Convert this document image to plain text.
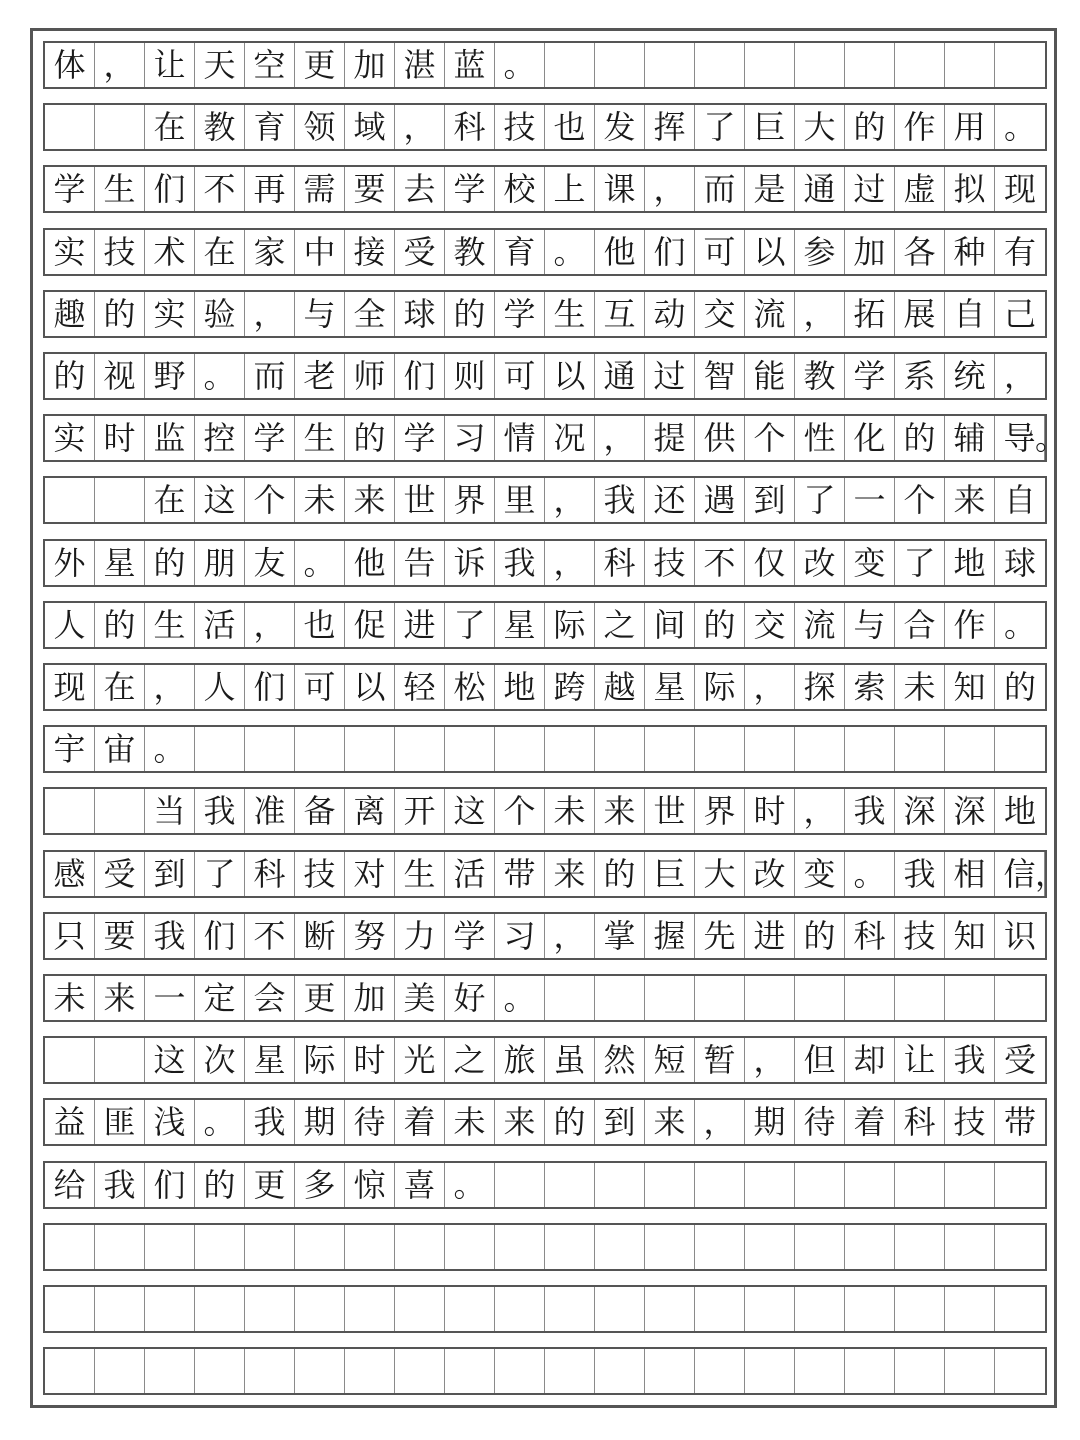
体 ， 让 天 空 更 加 湛 蓝 。
在 教 育 领 域 ， 科 技 也 发 挥 了 巨 大 的 作 用 。
学 生 们 不 再 需 要 去 学 校 上 课 ， 而 是 通 过 虚 拟 现
实 技 术 在 家 中 接 受 教 育 。 他 们 可 以 参 加 各 种 有
趣 的 实 验 ， 与 全 球 的 学 生 互 动 交 流 ， 拓 展 自 己
的 视 野 。 而 老 师 们 则 可 以 通 过 智 能 教 学 系 统 ，
实 时 监 控 学 生 的 学 习 情 况 ， 提 供 个 性 化 的 辅 导 。
在 这 个 未 来 世 界 里 ， 我 还 遇 到 了 一 个 来 自
外 星 的 朋 友 。 他 告 诉 我 ， 科 技 不 仅 改 变 了 地 球
人 的 生 活 ， 也 促 进 了 星 际 之 间 的 交 流 与 合 作 。
现 在 ， 人 们 可 以 轻 松 地 跨 越 星 际 ， 探 索 未 知 的
宇 宙 。
当 我 准 备 离 开 这 个 未 来 世 界 时 ， 我 深 深 地
感 受 到 了 科 技 对 生 活 带 来 的 巨 大 改 变 。 我 相 信 ，
只 要 我 们 不 断 努 力 学 习 ， 掌 握 先 进 的 科 技 知 识
未 来 一 定 会 更 加 美 好 。
这 次 星 际 时 光 之 旅 虽 然 短 暂 ， 但 却 让 我 受
益 匪 浅 。 我 期 待 着 未 来 的 到 来 ， 期 待 着 科 技 带
给 我 们 的 更 多 惊 喜 。
